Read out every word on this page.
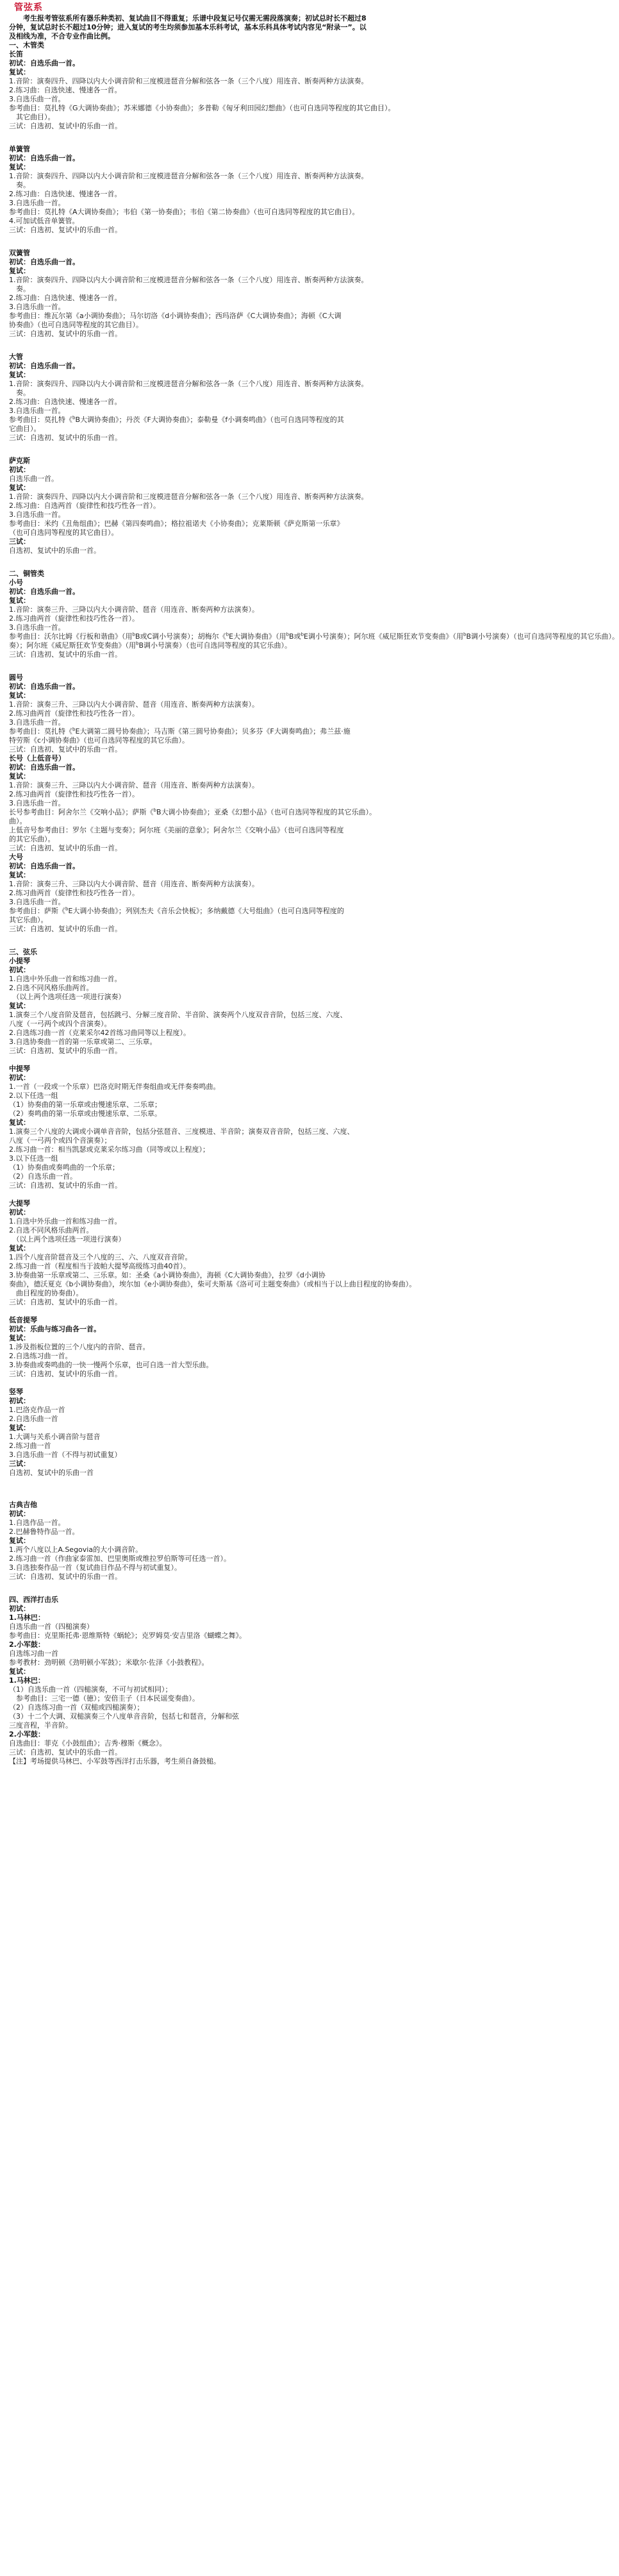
管弦系
　　考生报考管弦系所有器乐种类初、复试曲目不得重复；乐谱中段复记号仅需无需段落演奏；初试总时长不超过8
分钟，复试总时长不超过10分钟；进入复试的考生均须参加基本乐科考试，基本乐科具体考试内容见“附录一”。以
及相线为准，不合专业作曲比例。
一、木管类
长笛
初试：自选乐曲一首。
复试：
1.音阶：演奏四升、四降以内大小调音阶和三度模进琶音分解和弦各一条（三个八度）用连音、断奏两种方法演奏。
2.练习曲：自选快速、慢速各一首。
3.自选乐曲一首。
参考曲目：莫扎特《G大调协奏曲》；苏米娜德《小协奏曲》；多普勒《匈牙利田园幻想曲》（也可自选同等程度的其它曲目）。
　其它曲目）。
三试：自选初、复试中的乐曲一首。
单簧管
初试：自选乐曲一首。
复试：
1.音阶：演奏四升、四降以内大小调音阶和三度模进琶音分解和弦各一条（三个八度）用连音、断奏两种方法演奏。
　奏。
2.练习曲：自选快速、慢速各一首。
3.自选乐曲一首。
参考曲目：莫扎特《A大调协奏曲》；韦伯《第一协奏曲》；韦伯《第二协奏曲》（也可自选同等程度的其它曲目）。
4.可加试低音单簧管。
三试：自选初、复试中的乐曲一首。
双簧管
初试：自选乐曲一首。
复试：
1.音阶：演奏四升、四降以内大小调音阶和三度模进琶音分解和弦各一条（三个八度）用连音、断奏两种方法演奏。
　奏。
2.练习曲：自选快速、慢速各一首。
3.自选乐曲一首。
参考曲目：维瓦尔第《a小调协奏曲》；马尔切洛《d小调协奏曲》；西玛洛萨《C大调协奏曲》；海顿《C大调
协奏曲》（也可自选同等程度的其它曲目）。
三试：自选初、复试中的乐曲一首。
大管
初试：自选乐曲一首。
复试：
1.音阶：演奏四升、四降以内大小调音阶和三度模进琶音分解和弦各一条（三个八度）用连音、断奏两种方法演奏。
　奏。
2.练习曲：自选快速、慢速各一首。
3.自选乐曲一首。
参考曲目：莫扎特《$^b$B大调协奏曲》；丹茨《F大调协奏曲》；泰勒曼《f小调奏鸣曲》（也可自选同等程度的其
它曲目）。
三试：自选初、复试中的乐曲一首。
萨克斯
初试：
自选乐曲一首。
复试：
1.音阶：演奏四升、四降以内大小调音阶和三度模进琶音分解和弦各一条（三个八度）用连音、断奏两种方法演奏。
2.练习曲：自选两首（旋律性和技巧性各一首）。
3.自选乐曲一首。
参考曲目：米约《丑角组曲》；巴赫《第四奏鸣曲》；格拉祖诺夫《小协奏曲》；克莱斯顿《萨克斯第一乐章》
（也可自选同等程度的其它曲目）。
三试：
自选初、复试中的乐曲一首。
二、铜管类
小号
初试：自选乐曲一首。
复试：
1.音阶：演奏三升、三降以内大小调音阶、琶音（用连音、断奏两种方法演奏）。
2.练习曲两首（旋律性和技巧性各一首）。
3.自选乐曲一首。
参考曲目：沃尔比姆《行板和谐曲》（用$^b$B或C调小号演奏）；胡梅尔《$^b$E大调协奏曲》（用$^b$B或$^b$E调小号演奏）；阿尔班《威尼斯狂欢节变奏曲》（用$^b$B调小号演奏）（也可自选同等程度的其它乐曲）。
奏）；阿尔班《威尼斯狂欢节变奏曲》（用$^b$B调小号演奏）（也可自选同等程度的其它乐曲）。
三试：自选初、复试中的乐曲一首。
圆号
初试：自选乐曲一首。
复试：
1.音阶：演奏三升、三降以内大小调音阶、琶音（用连音、断奏两种方法演奏）。
2.练习曲两首（旋律性和技巧性各一首）。
3.自选乐曲一首。
参考曲目：莫扎特《$^b$E大调第二圆号协奏曲》；马吉斯《第三圆号协奏曲》；贝多芬《F大调奏鸣曲》；弗兰兹·施
特劳斯《c小调协奏曲》（也可自选同等程度的其它乐曲）。
三试：自选初、复试中的乐曲一首。
长号（上低音号）
初试：自选乐曲一首。
复试：
1.音阶：演奏三升、三降以内大小调音阶、琶音（用连音、断奏两种方法演奏）。
2.练习曲两首（旋律性和技巧性各一首）。
3.自选乐曲一首。
长号参考曲目：阿舍尔兰《交响小品》；萨斯《$^b$B大调小协奏曲》；亚桑《幻想小品》（也可自选同等程度的其它乐曲）。
曲）。
上低音号参考曲目：罗尔《主题与变奏》；阿尔班《美丽的意象》；阿舍尔兰《交响小品》（也可自选同等程度
的其它乐曲）。
三试：自选初、复试中的乐曲一首。
大号
初试：自选乐曲一首。
复试：
1.音阶：演奏三升、三降以内大小调音阶、琶音（用连音、断奏两种方法演奏）。
2.练习曲两首（旋律性和技巧性各一首）。
3.自选乐曲一首。
参考曲目：萨斯《$^b$E大调小协奏曲》；列别杰夫《音乐会快板》；多纳戴德《大号组曲》（也可自选同等程度的
其它乐曲）。
三试：自选初、复试中的乐曲一首。
三、弦乐
小提琴
初试：
1.自选中外乐曲一首和练习曲一首。
2.自选不同风格乐曲两首。
　（以上两个选项任选一项进行演奏）
复试：
1.演奏三个八度音阶及琶音，包括跳弓、分解三度音阶、半音阶、演奏两个八度双音音阶，包括三度、六度、
八度（一弓两个或四个音演奏）。
2.自选练习曲一首（克莱采尔42首练习曲同等以上程度）。
3.自选协奏曲一首的第一乐章或第二、三乐章。
三试：自选初、复试中的乐曲一首。
中提琴
初试：
1.一首（一段或一个乐章）巴洛克时期无伴奏组曲或无伴奏奏鸣曲。
2.以下任选一组
（1）协奏曲的第一乐章或由慢速乐章、二乐章；
（2）奏鸣曲的第一乐章或由慢速乐章、二乐章。
复试：
1.演奏三个八度的大调或小调单音音阶，包括分弦琶音、三度模进、半音阶；演奏双音音阶，包括三度、六度、
八度（一弓两个或四个音演奏）；
2.练习曲一首：相当凯瑟或克莱采尔练习曲（同等或以上程度）；
3.以下任选一组
（1）协奏曲或奏鸣曲的一个乐章；
（2）自选乐曲一首。
三试：自选初、复试中的乐曲一首。
大提琴
初试：
1.自选中外乐曲一首和练习曲一首。
2.自选不同风格乐曲两首。
　（以上两个选项任选一项进行演奏）
复试：
1.四个八度音阶琶音及三个八度的三、六、八度双音音阶。
2.练习曲一首（程度相当于波帕大提琴高级练习曲40首）。
3.协奏曲第一乐章或第二、三乐章。如：圣桑《a小调协奏曲》，海顿《C大调协奏曲》，拉罗《d小调协
奏曲》，德沃夏克《b小调协奏曲》，埃尔加《e小调协奏曲》，柴可夫斯基《洛可可主题变奏曲》（或相当于以上曲目程度的协奏曲）。
　曲目程度的协奏曲）。
三试：自选初、复试中的乐曲一首。
低音提琴
初试：乐曲与练习曲各一首。
复试：
1.涉及指板位置的三个八度内的音阶、琶音。
2.自选练习曲一首。
3.协奏曲或奏鸣曲的一快一慢两个乐章，也可自选一首大型乐曲。
三试：自选初、复试中的乐曲一首。
竖琴
初试：
1.巴洛克作品一首
2.自选乐曲一首
复试：
1.大调与关系小调音阶与琶音
2.练习曲一首
3.自选乐曲一首（不得与初试重复）
三试：
自选初、复试中的乐曲一首
古典吉他
初试：
1.自选作品一首。
2.巴赫鲁特作品一首。
复试：
1.两个八度以上A.Segovia的大小调音阶。
2.练习曲一首（作曲家泰雷加、巴里奥斯或维拉罗伯斯等可任选一首）。
3.自选独奏作品一首（复试曲目作品不得与初试重复）。
三试：自选初、复试中的乐曲一首。
四、西洋打击乐
初试：
1.马林巴：
自选乐曲一首（四槌演奏）
参考曲目：克里斯托弗·恩维斯特《蜗轮》；克罗姆莫·安吉里洛《蝴蝶之舞》。
2.小军鼓：
自选练习曲一首
参考教材：劲明顿《劲明顿小军鼓》；米歇尔·佐泽《小鼓教程》。
复试：
1.马林巴：
（1）自选乐曲一首（四槌演奏，不可与初试相同）；
　参考曲目：三宅一德（徳）；安倍圭子（日本民谣变奏曲）。
（2）自选练习曲一首（双槌或四槌演奏）；
（3）十二个大调、双槌演奏三个八度单音音阶，包括七和琶音，分解和弦
三度音程，半音阶。
2.小军鼓：
自选曲目：菲克《小鼓组曲》；吉秀·穆斯《概念》。
三试：自选初、复试中的乐曲一首。
【注】考场提供马林巴、小军鼓等西洋打击乐器，考生须自备鼓槌。
